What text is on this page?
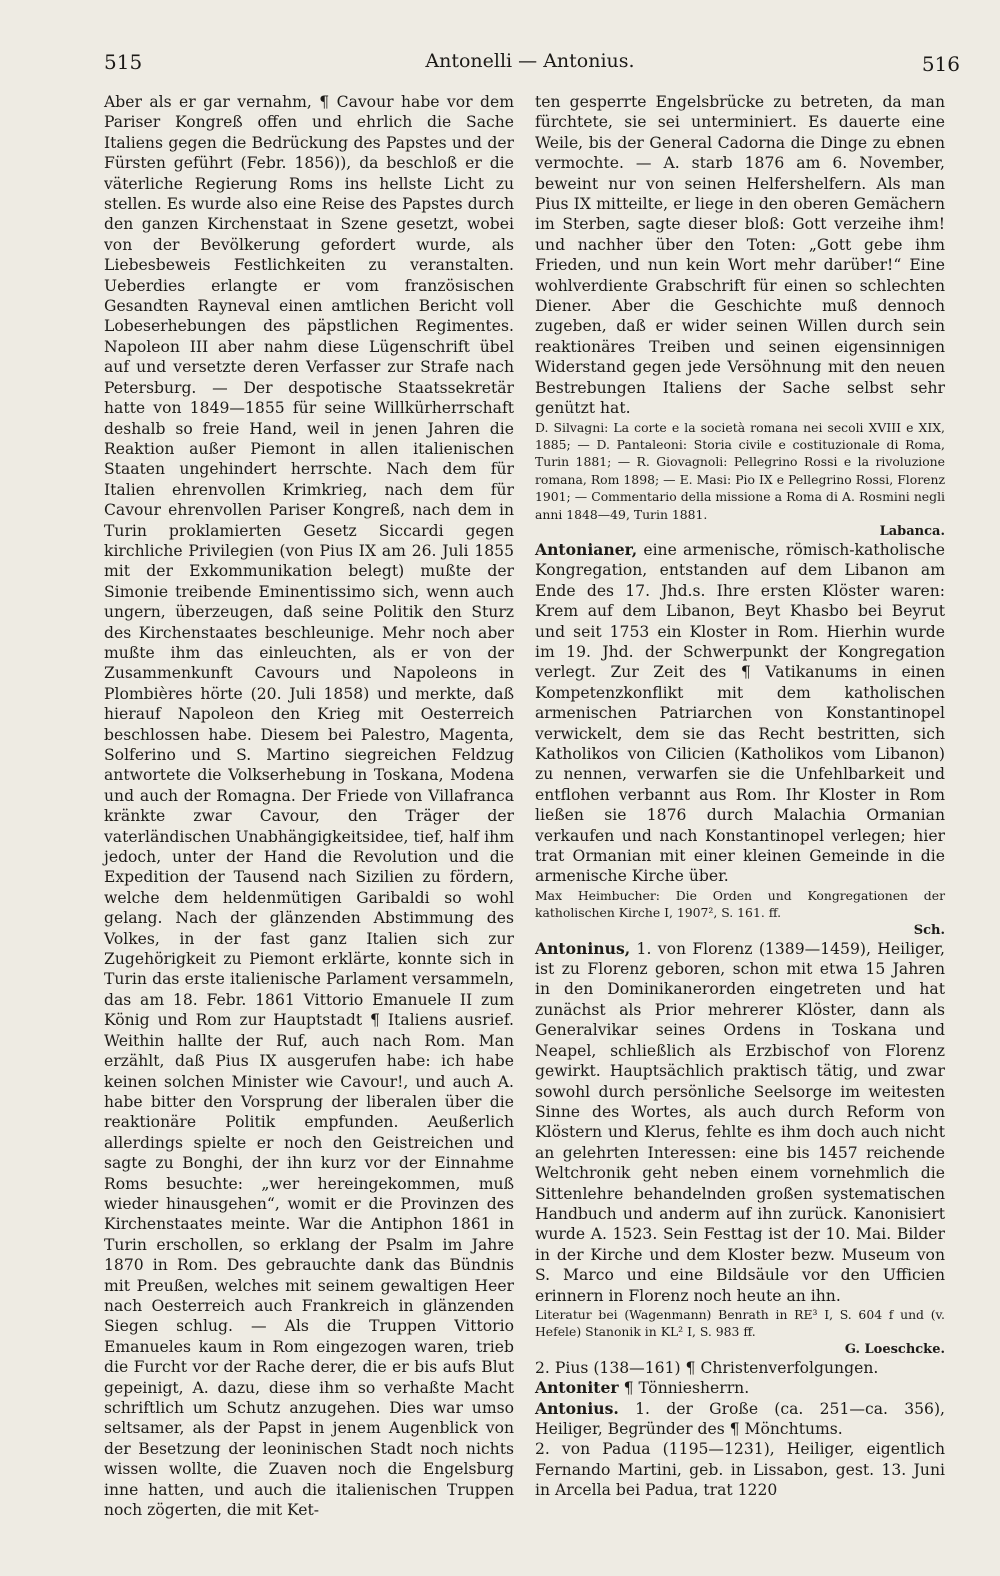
515	Antonelli — Antonius.	516

Aber als er gar vernahm, ¶ Cavour habe vor dem Pariser Kongreß offen und ehrlich die Sache Italiens gegen die Bedrückung des Papstes und der Fürsten geführt (Febr. 1856)), da beschloß er die väterliche Regierung Roms ins hellste Licht zu stellen. Es wurde also eine Reise des Papstes durch den ganzen Kirchenstaat in Szene gesetzt, wobei von der Bevölkerung gefordert wurde, als Liebesbeweis Festlichkeiten zu veranstalten. Ueberdies erlangte er vom französischen Gesandten Rayneval einen amtlichen Bericht voll Lobeserhebungen des päpstlichen Regimentes. Napoleon III aber nahm diese Lügenschrift übel auf und versetzte deren Verfasser zur Strafe nach Petersburg. — Der despotische Staatssekretär hatte von 1849—1855 für seine Willkürherrschaft deshalb so freie Hand, weil in jenen Jahren die Reaktion außer Piemont in allen italienischen Staaten ungehindert herrschte. Nach dem für Italien ehrenvollen Krimkrieg, nach dem für Cavour ehrenvollen Pariser Kongreß, nach dem in Turin proklamierten Gesetz Siccardi gegen kirchliche Privilegien (von Pius IX am 26. Juli 1855 mit der Exkommunikation belegt) mußte der Simonie treibende Eminentissimo sich, wenn auch ungern, überzeugen, daß seine Politik den Sturz des Kirchenstaates beschleunige. Mehr noch aber mußte ihm das einleuchten, als er von der Zusammenkunft Cavours und Napoleons in Plombières hörte (20. Juli 1858) und merkte, daß hierauf Napoleon den Krieg mit Oesterreich beschlossen habe. Diesem bei Palestro, Magenta, Solferino und S. Martino siegreichen Feldzug antwortete die Volkserhebung in Toskana, Modena und auch der Romagna. Der Friede von Villafranca kränkte zwar Cavour, den Träger der vaterländischen Unabhängigkeitsidee, tief, half ihm jedoch, unter der Hand die Revolution und die Expedition der Tausend nach Sizilien zu fördern, welche dem heldenmütigen Garibaldi so wohl gelang. Nach der glänzenden Abstimmung des Volkes, in der fast ganz Italien sich zur Zugehörigkeit zu Piemont erklärte, konnte sich in Turin das erste italienische Parlament versammeln, das am 18. Febr. 1861 Vittorio Emanuele II zum König und Rom zur Hauptstadt ¶ Italiens ausrief. Weithin hallte der Ruf, auch nach Rom. Man erzählt, daß Pius IX ausgerufen habe: ich habe keinen solchen Minister wie Cavour!, und auch A. habe bitter den Vorsprung der liberalen über die reaktionäre Politik empfunden. Aeußerlich allerdings spielte er noch den Geistreichen und sagte zu Bonghi, der ihn kurz vor der Einnahme Roms besuchte: „wer hereingekommen, muß wieder hinausgehen“, womit er die Provinzen des Kirchenstaates meinte. War die Antiphon 1861 in Turin erschollen, so erklang der Psalm im Jahre 1870 in Rom. Des gebrauchte dank das Bündnis mit Preußen, welches mit seinem gewaltigen Heer nach Oesterreich auch Frankreich in glänzenden Siegen schlug. — Als die Truppen Vittorio Emanueles kaum in Rom eingezogen waren, trieb die Furcht vor der Rache derer, die er bis aufs Blut gepeinigt, A. dazu, diese ihm so verhaßte Macht schriftlich um Schutz anzugehen. Dies war umso seltsamer, als der Papst in jenem Augenblick von der Besetzung der leoninischen Stadt noch nichts wissen wollte, die Zuaven noch die Engelsburg inne hatten, und auch die italienischen Truppen noch zögerten, die mit Ket-

ten gesperrte Engelsbrücke zu betreten, da man fürchtete, sie sei unterminiert. Es dauerte eine Weile, bis der General Cadorna die Dinge zu ebnen vermochte. — A. starb 1876 am 6. November, beweint nur von seinen Helfershelfern. Als man Pius IX mitteilte, er liege in den oberen Gemächern im Sterben, sagte dieser bloß: Gott verzeihe ihm! und nachher über den Toten: „Gott gebe ihm Frieden, und nun kein Wort mehr darüber!“ Eine wohlverdiente Grabschrift für einen so schlechten Diener. Aber die Geschichte muß dennoch zugeben, daß er wider seinen Willen durch sein reaktionäres Treiben und seinen eigensinnigen Widerstand gegen jede Versöhnung mit den neuen Bestrebungen Italiens der Sache selbst sehr genützt hat.

D. Silvagni: La corte e la società romana nei secoli XVIII e XIX, 1885; — D. Pantaleoni: Storia civile e costituzionale di Roma, Turin 1881; — R. Giovagnoli: Pellegrino Rossi e la rivoluzione romana, Rom 1898; — E. Masi: Pio IX e Pellegrino Rossi, Florenz 1901; — Commentario della missione a Roma di A. Rosmini negli anni 1848—49, Turin 1881.

Labanca.

Antonianer, eine armenische, römisch-katholische Kongregation, entstanden auf dem Libanon am Ende des 17. Jhd.s. Ihre ersten Klöster waren: Krem auf dem Libanon, Beyt Khasbo bei Beyrut und seit 1753 ein Kloster in Rom. Hierhin wurde im 19. Jhd. der Schwerpunkt der Kongregation verlegt. Zur Zeit des ¶ Vatikanums in einen Kompetenzkonflikt mit dem katholischen armenischen Patriarchen von Konstantinopel verwickelt, dem sie das Recht bestritten, sich Katholikos von Cilicien (Katholikos vom Libanon) zu nennen, verwarfen sie die Unfehlbarkeit und entflohen verbannt aus Rom. Ihr Kloster in Rom ließen sie 1876 durch Malachia Ormanian verkaufen und nach Konstantinopel verlegen; hier trat Ormanian mit einer kleinen Gemeinde in die armenische Kirche über.

Max Heimbucher: Die Orden und Kongregationen der katholischen Kirche I, 1907², S. 161. ff.

Sch.

Antoninus, 1. von Florenz (1389—1459), Heiliger, ist zu Florenz geboren, schon mit etwa 15 Jahren in den Dominikanerorden eingetreten und hat zunächst als Prior mehrerer Klöster, dann als Generalvikar seines Ordens in Toskana und Neapel, schließlich als Erzbischof von Florenz gewirkt. Hauptsächlich praktisch tätig, und zwar sowohl durch persönliche Seelsorge im weitesten Sinne des Wortes, als auch durch Reform von Klöstern und Klerus, fehlte es ihm doch auch nicht an gelehrten Interessen: eine bis 1457 reichende Weltchronik geht neben einem vornehmlich die Sittenlehre behandelnden großen systematischen Handbuch und anderm auf ihn zurück. Kanonisiert wurde A. 1523. Sein Festtag ist der 10. Mai. Bilder in der Kirche und dem Kloster bezw. Museum von S. Marco und eine Bildsäule vor den Ufficien erinnern in Florenz noch heute an ihn.

Literatur bei (Wagenmann) Benrath in RE³ I, S. 604 f und (v. Hefele) Stanonik in KL² I, S. 983 ff.

G. Loeschcke.

2. Pius (138—161) ¶ Christenverfolgungen.

Antoniter ¶ Tönniesherrn.

Antonius. 1. der Große (ca. 251—ca. 356), Heiliger, Begründer des ¶ Mönchtums.

2. von Padua (1195—1231), Heiliger, eigentlich Fernando Martini, geb. in Lissabon, gest. 13. Juni in Arcella bei Padua, trat 1220
